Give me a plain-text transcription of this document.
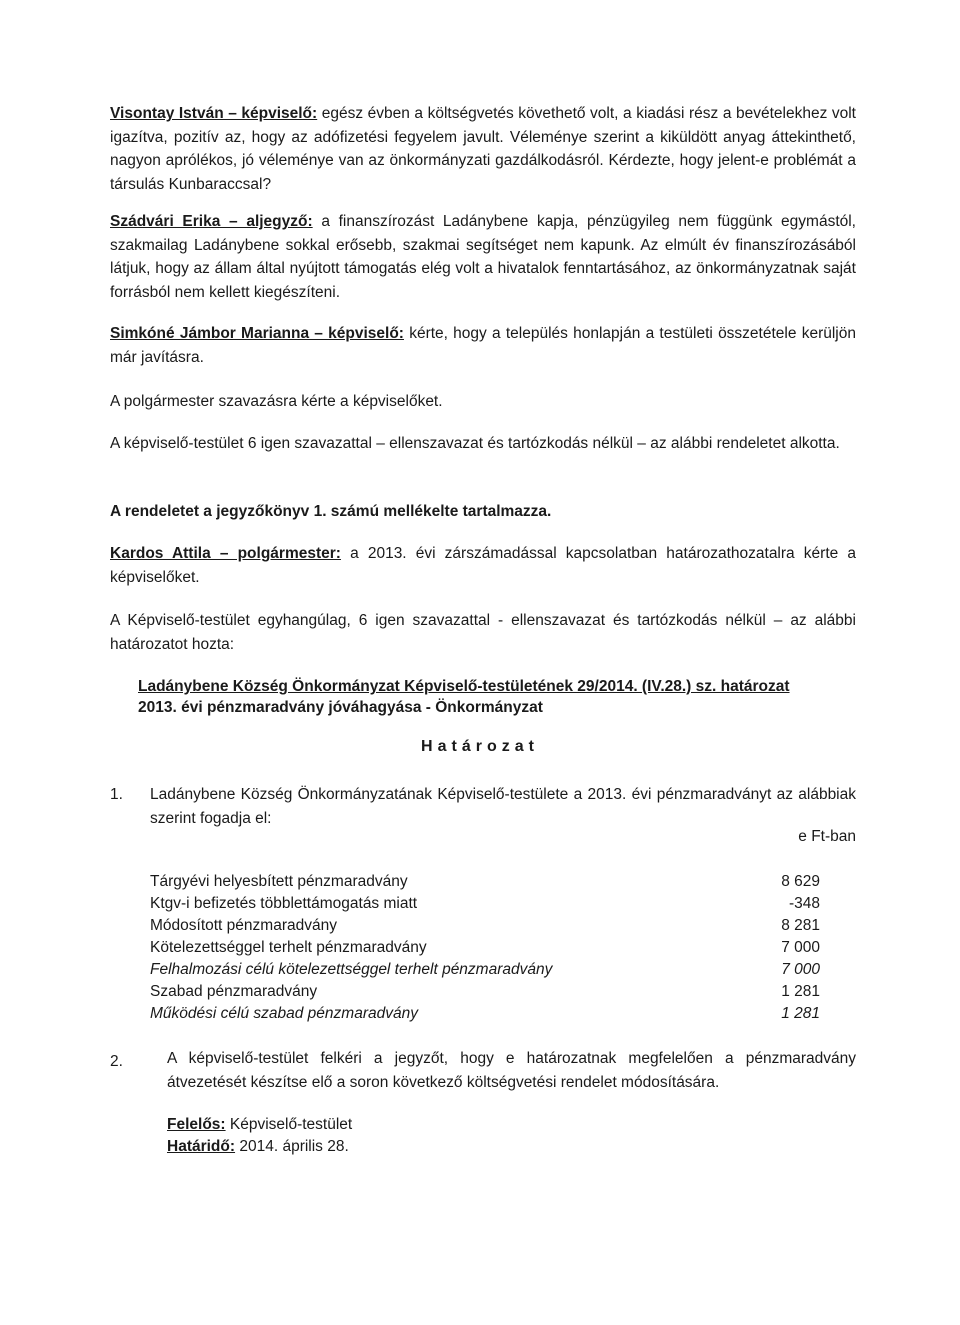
Visontay István – képviselő: egész évben a költségvetés követhető volt, a kiadási rész a bevételekhez volt igazítva, pozitív az, hogy az adófizetési fegyelem javult. Véleménye szerint a kiküldött anyag áttekinthető, nagyon aprólékos, jó véleménye van az önkormányzati gazdálkodásról. Kérdezte, hogy jelent-e problémát a társulás Kunbaraccsal?

Szádvári Erika – aljegyző: a finanszírozást Ladánybene kapja, pénzügyileg nem függünk egymástól, szakmailag Ladánybene sokkal erősebb, szakmai segítséget nem kapunk. Az elmúlt év finanszírozásából látjuk, hogy az állam által nyújtott támogatás elég volt a hivatalok fenntartásához, az önkormányzatnak saját forrásból nem kellett kiegészíteni.

Simkóné Jámbor Marianna – képviselő: kérte, hogy a település honlapján a testületi összetétele kerüljön már javításra.

A polgármester szavazásra kérte a képviselőket.

A képviselő-testület 6 igen szavazattal – ellenszavazat és tartózkodás nélkül – az alábbi rendeletet alkotta.

A rendeletet a jegyzőkönyv 1. számú mellékelte tartalmazza.

Kardos Attila – polgármester: a 2013. évi zárszámadással kapcsolatban határozathozatalra kérte a képviselőket.

A Képviselő-testület egyhangúlag, 6 igen szavazattal - ellenszavazat és tartózkodás nélkül – az alábbi határozatot hozta:

Ladánybene Község Önkormányzat Képviselő-testületének 29/2014. (IV.28.) sz. határozat
2013. évi pénzmaradvány jóváhagyása - Önkormányzat
Határozat
1. Ladánybene Község Önkormányzatának Képviselő-testülete a 2013. évi pénzmaradványt az alábbiak szerint fogadja el:
e Ft-ban
Tárgyévi helyesbített pénzmaradvány	8 629
Ktgv-i befizetés többlettámogatás miatt	-348
Módosított pénzmaradvány	8 281
Kötelezettséggel terhelt pénzmaradvány	7 000
Felhalmozási célú kötelezettséggel terhelt pénzmaradvány	7 000
Szabad pénzmaradvány	1 281
Működési célú szabad pénzmaradvány	1 281
2.	A képviselő-testület felkéri a jegyzőt, hogy e határozatnak megfelelően a pénzmaradvány átvezetését készítse elő a soron következő költségvetési rendelet módosítására.
Felelős: Képviselő-testület
Határidő: 2014. április 28.
